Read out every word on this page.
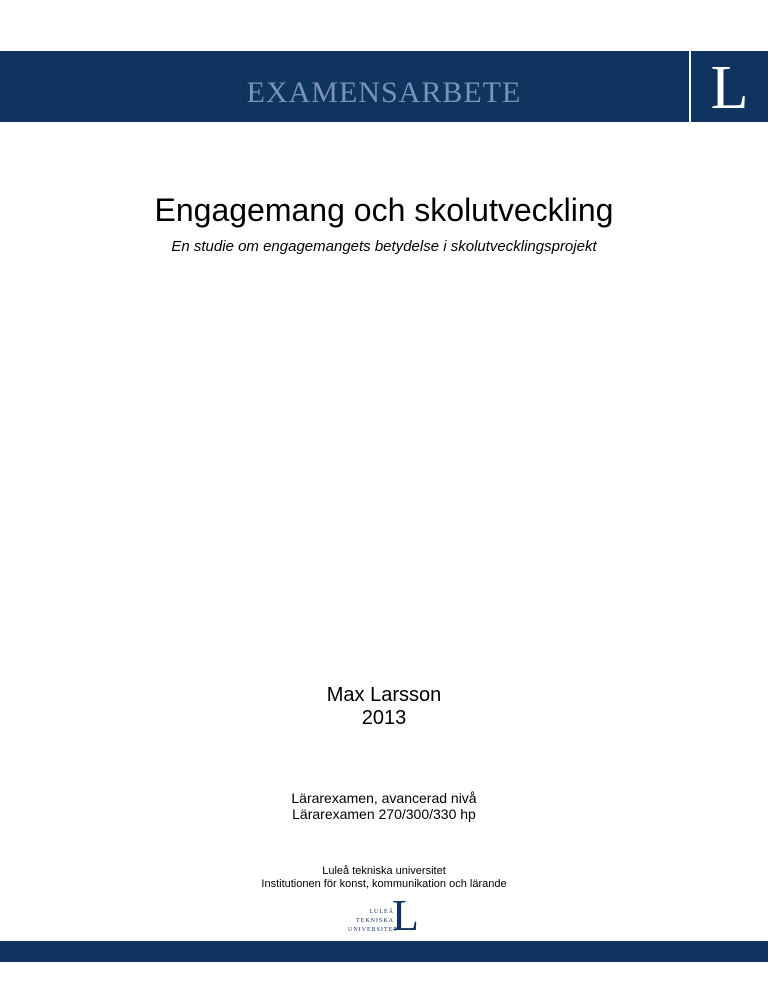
EXAMENSARBETE	L
Engagemang och skolutveckling
En studie om engagemangets betydelse i skolutvecklingsprojekt
Max Larsson
2013
Lärarexamen, avancerad nivå
Lärarexamen 270/300/330 hp
Luleå tekniska universitet
Institutionen för konst, kommunikation och lärande
LULEÅ
TEKNISKA
UNIVERSITET
L
